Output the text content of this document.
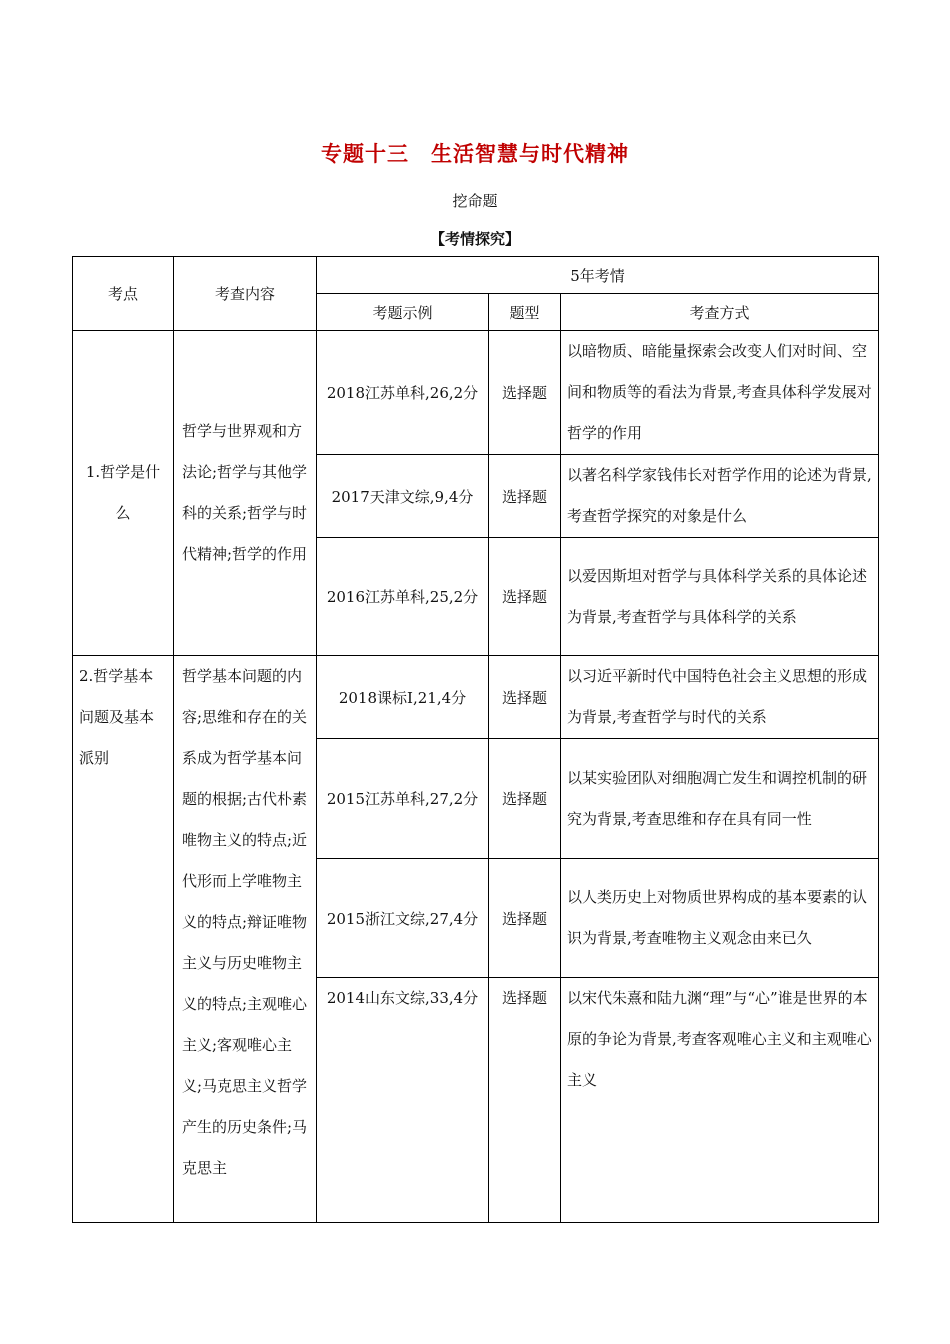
专题十三　生活智慧与时代精神
挖命题
【考情探究】
考点	考查内容	5年考情		
		考题示例	题型	考查方式
1.哲学是什么	哲学与世界观和方法论;哲学与其他学科的关系;哲学与时代精神;哲学的作用	2018江苏单科,26,2分	选择题	以暗物质、暗能量探索会改变人们对时间、空间和物质等的看法为背景,考查具体科学发展对哲学的作用
		2017天津文综,9,4分	选择题	以著名科学家钱伟长对哲学作用的论述为背景,考查哲学探究的对象是什么
		2016江苏单科,25,2分	选择题	以爱因斯坦对哲学与具体科学关系的具体论述为背景,考查哲学与具体科学的关系
2.哲学基本问题及基本派别	哲学基本问题的内容;思维和存在的关系成为哲学基本问题的根据;古代朴素唯物主义的特点;近代形而上学唯物主义的特点;辩证唯物主义与历史唯物主义的特点;主观唯心主义;客观唯心主义;马克思主义哲学产生的历史条件;马克思主	2018课标Ⅰ,21,4分	选择题	以习近平新时代中国特色社会主义思想的形成为背景,考查哲学与时代的关系
		2015江苏单科,27,2分	选择题	以某实验团队对细胞凋亡发生和调控机制的研究为背景,考查思维和存在具有同一性
		2015浙江文综,27,4分	选择题	以人类历史上对物质世界构成的基本要素的认识为背景,考查唯物主义观念由来已久
		2014山东文综,33,4分	选择题	以宋代朱熹和陆九渊“理”与“心”谁是世界的本原的争论为背景,考查客观唯心主义和主观唯心主义
